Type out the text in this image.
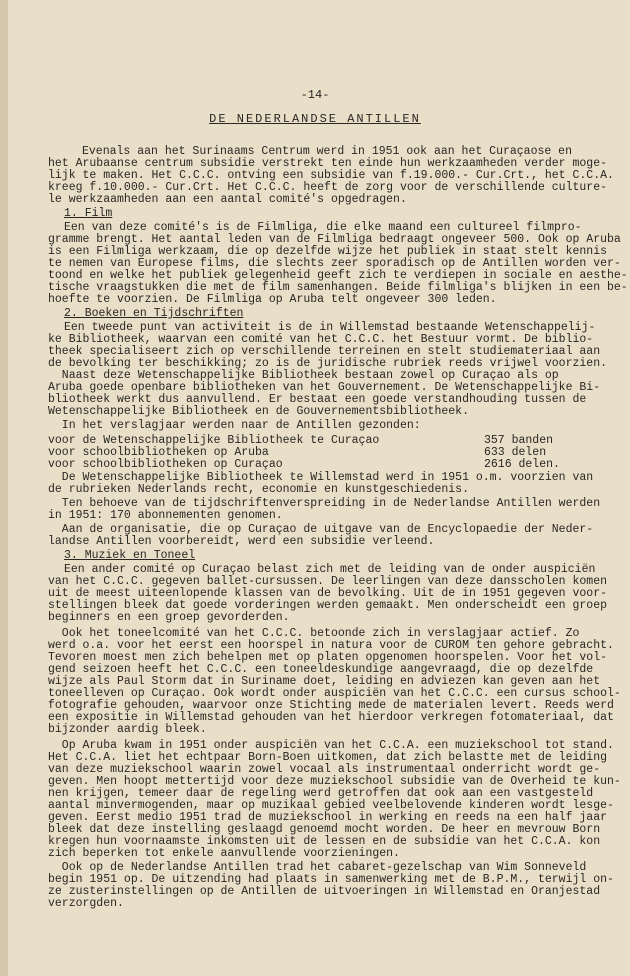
-14-
DE NEDERLANDSE ANTILLEN
Evenals aan het Surinaams Centrum werd in 1951 ook aan het Curaçaose en
het Arubaanse centrum subsidie verstrekt ten einde hun werkzaamheden verder moge-
lijk te maken. Het C.C.C. ontving een subsidie van f.19.000.- Cur.Crt., het C.C.A.
kreeg f.10.000.- Cur.Crt. Het C.C.C. heeft de zorg voor de verschillende culture-
le werkzaamheden aan een aantal comité's opgedragen.
1. Film
Een van deze comité's is de Filmliga, die elke maand een cultureel filmpro-
gramme brengt. Het aantal leden van de Filmliga bedraagt ongeveer 500. Ook op Aruba
is een Filmliga werkzaam, die op dezelfde wijze het publiek in staat stelt kennis
te nemen van Europese films, die slechts zeer sporadisch op de Antillen worden ver-
toond en welke het publiek gelegenheid geeft zich te verdiepen in sociale en aesthe-
tische vraagstukken die met de film samenhangen. Beide filmliga's blijken in een be-
hoefte te voorzien. De Filmliga op Aruba telt ongeveer 300 leden.
2. Boeken en Tijdschriften
Een tweede punt van activiteit is de in Willemstad bestaande Wetenschappelij-
ke Bibliotheek, waarvan een comité van het C.C.C. het Bestuur vormt. De biblio-
theek specialiseert zich op verschillende terreinen en stelt studiemateriaal aan
de bevolking ter beschikking; zo is de juridische rubriek reeds vrijwel voorzien.
Naast deze Wetenschappelijke Bibliotheek bestaan zowel op Curaçao als op
Aruba goede openbare bibliotheken van het Gouvernement. De Wetenschappelijke Bi-
bliotheek werkt dus aanvullend. Er bestaat een goede verstandhouding tussen de
Wetenschappelijke Bibliotheek en de Gouvernementsbibliotheek.
In het verslagjaar werden naar de Antillen gezonden:
voor de Wetenschappelijke Bibliotheek te Curaçao	357 banden
voor schoolbibliotheken op Aruba	633 delen
voor schoolbibliotheken op Curaçao	2616 delen.
De Wetenschappelijke Bibliotheek te Willemstad werd in 1951 o.m. voorzien van
de rubrieken Nederlands recht, economie en kunstgeschiedenis.
Ten behoeve van de tijdschriftenverspreiding in de Nederlandse Antillen werden
in 1951: 170 abonnementen genomen.
Aan de organisatie, die op Curaçao de uitgave van de Encyclopaedie der Neder-
landse Antillen voorbereidt, werd een subsidie verleend.
3. Muziek en Toneel
Een ander comité op Curaçao belast zich met de leiding van de onder auspiciën
van het C.C.C. gegeven ballet-cursussen. De leerlingen van deze dansscholen komen
uit de meest uiteenlopende klassen van de bevolking. Uit de in 1951 gegeven voor-
stellingen bleek dat goede vorderingen werden gemaakt. Men onderscheidt een groep
beginners en een groep gevorderden.
Ook het toneelcomité van het C.C.C. betoonde zich in verslagjaar actief. Zo
werd o.a. voor het eerst een hoorspel in natura voor de CUROM ten gehore gebracht.
Tevoren moest men zich behelpen met op platen opgenomen hoorspelen. Voor het vol-
gend seizoen heeft het C.C.C. een toneeldeskundige aangevraagd, die op dezelfde
wijze als Paul Storm dat in Suriname doet, leiding en adviezen kan geven aan het
toneelleven op Curaçao. Ook wordt onder auspiciën van het C.C.C. een cursus school-
fotografie gehouden, waarvoor onze Stichting mede de materialen levert. Reeds werd
een expositie in Willemstad gehouden van het hierdoor verkregen fotomateriaal, dat
bijzonder aardig bleek.
Op Aruba kwam in 1951 onder auspiciën van het C.C.A. een muziekschool tot stand.
Het C.C.A. liet het echtpaar Born-Boen uitkomen, dat zich belastte met de leiding
van deze muziekschool waarin zowel vocaal als instrumentaal onderricht wordt ge-
geven. Men hoopt mettertijd voor deze muziekschool subsidie van de Overheid te kun-
nen krijgen, temeer daar de regeling werd getroffen dat ook aan een vastgesteld
aantal minvermogenden, maar op muzikaal gebied veelbelovende kinderen wordt lesge-
geven. Eerst medio 1951 trad de muziekschool in werking en reeds na een half jaar
bleek dat deze instelling geslaagd genoemd mocht worden. De heer en mevrouw Born
kregen hun voornaamste inkomsten uit de lessen en de subsidie van het C.C.A. kon
zich beperken tot enkele aanvullende voorzieningen.
Ook op de Nederlandse Antillen trad het cabaret-gezelschap van Wim Sonneveld
begin 1951 op. De uitzending had plaats in samenwerking met de B.P.M., terwijl on-
ze zusterinstellingen op de Antillen de uitvoeringen in Willemstad en Oranjestad
verzorgden.
